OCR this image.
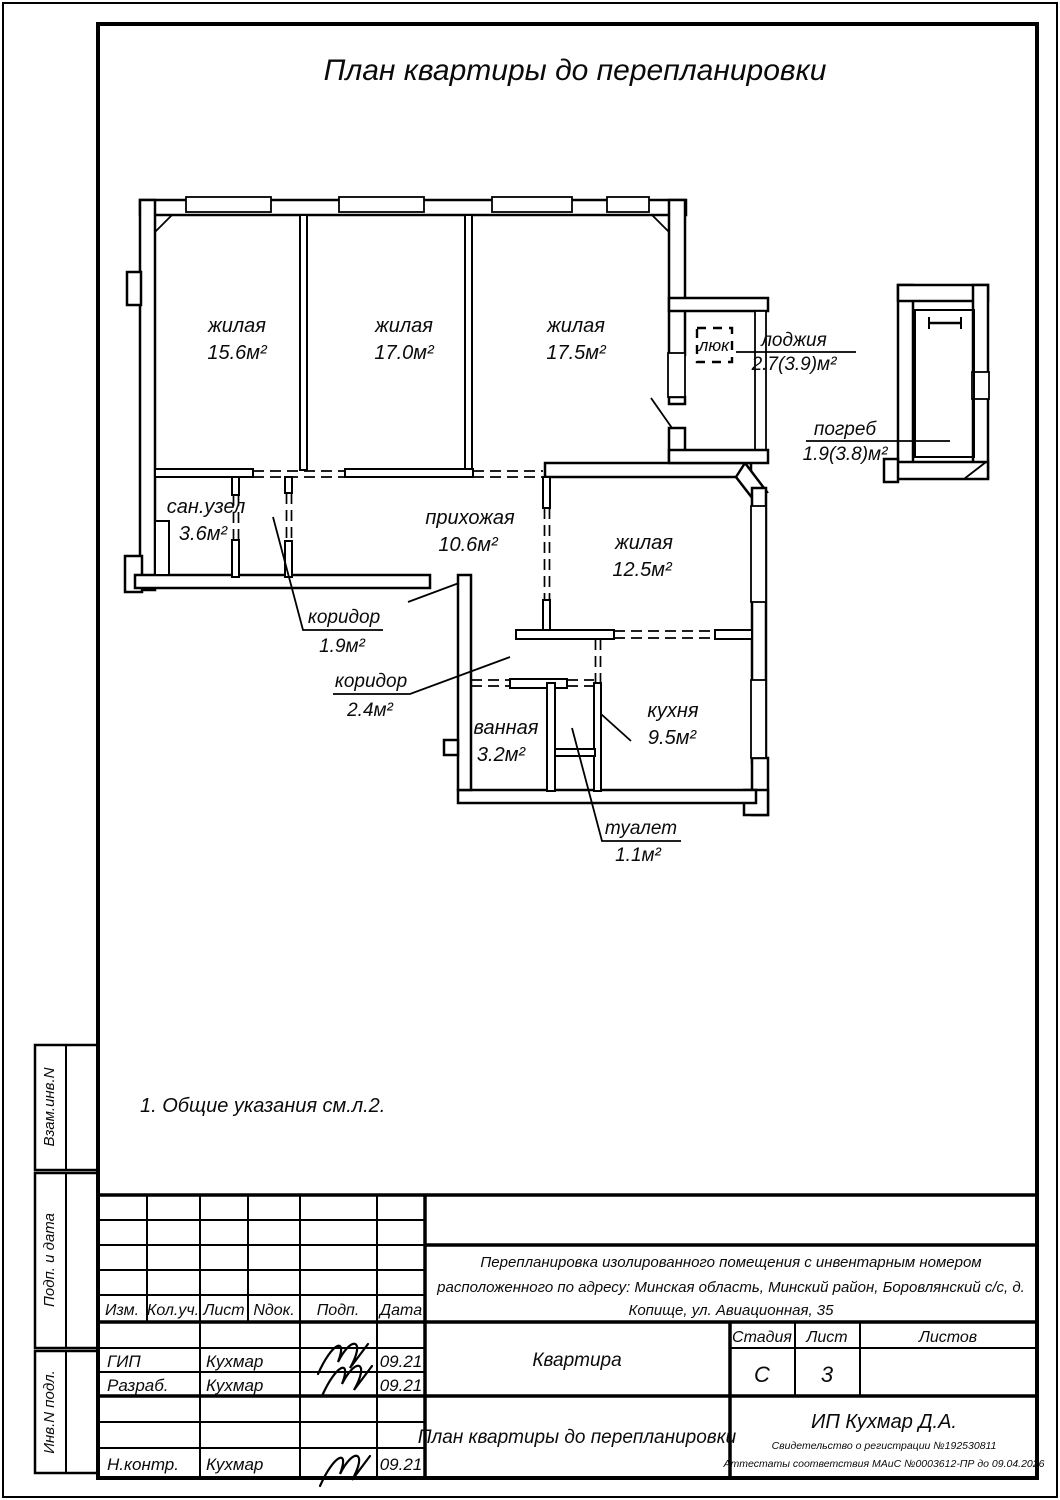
План квартиры до перепланировки
люк
жилая
15.6м²
жилая
17.0м²
жилая
17.5м²
сан.узел
3.6м²
прихожая
10.6м²	жилая
12.5м²
ванная
3.2м²
кухня
9.5м²
лоджия
2.7(3.9)м²
погреб
1.9(3.8)м²
коридор
1.9м²
коридор
2.4м²
туалет
1.1м²
1. Общие указания см.л.2.
Взам.инв.N
Подп. и дата
Инв.N подл.
Изм. Кол.уч. Лист Nдок. Подп. Дата
ГИП	Кухмар	09.21
Разраб. Кухмар	09.21
Н.контр. Кухмар	09.21
Перепланировка изолированного помещения с инвентарным номером
расположенного по адресу: Минская область, Минский район, Боровлянский с/с, д.
Копище, ул. Авиационная, 35
Квартира
Стадия Лист	Листов
С 3
План квартиры до перепланировки
ИП Кухмар Д.А.
Свидетельство о регистрации №192530811
Аттестаты соответствия МАиС №0003612-ПР до 09.04.2026
